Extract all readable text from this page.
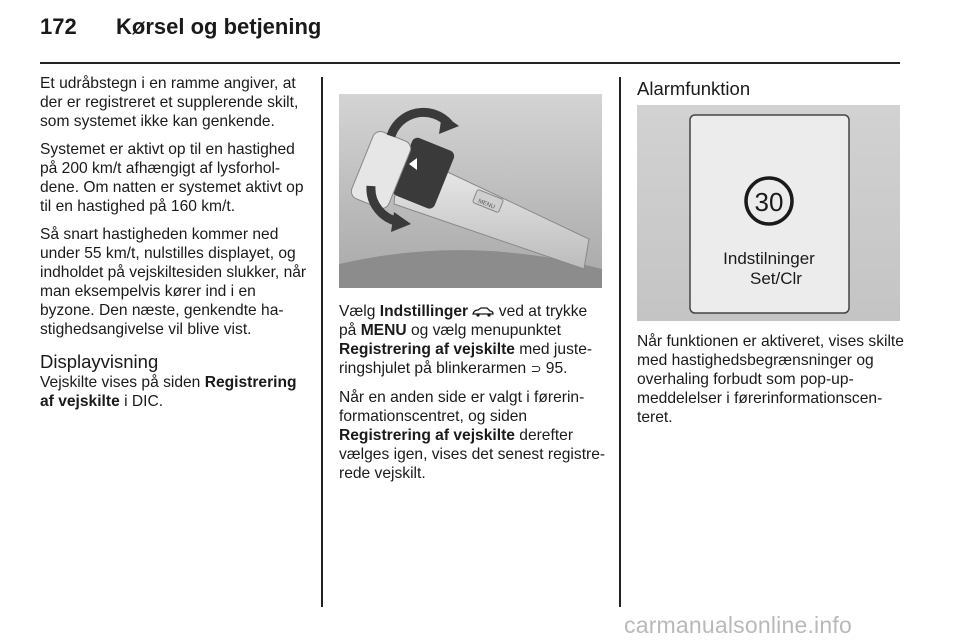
172 Kørsel og betjening

Et udråbstegn i en ramme angiver, at der er registreret et supplerende skilt, som systemet ikke kan genkende.

Systemet er aktivt op til en hastighed på 200 km/t afhængigt af lysforholdene. Om natten er systemet aktivt op til en hastighed på 160 km/t.

Så snart hastigheden kommer ned under 55 km/t, nulstilles displayet, og indholdet på vejskiltesiden slukker, når man eksempelvis kører ind i en byzone. Den næste, genkendte hastighedsangivelse vil blive vist.

Displayvisning

Vejskilte vises på siden Registrering af vejskilte i DIC.

MENU

Vælg Indstillinger  ved at trykke på MENU og vælg menupunktet Registrering af vejskilte med justeringshjulet på blinkerarmen ⊃ 95.

Når en anden side er valgt i førerinformationscentret, og siden Registrering af vejskilte derefter vælges igen, vises det senest registrerede vejskilt.

Alarmfunktion

Når funktionen er aktiveret, vises skilte med hastighedsbegrænsninger og overhaling forbudt som pop-up-meddelelser i førerinformationscenteret.

30
Indstilninger
Set/Clr
carmanualsonline.info
